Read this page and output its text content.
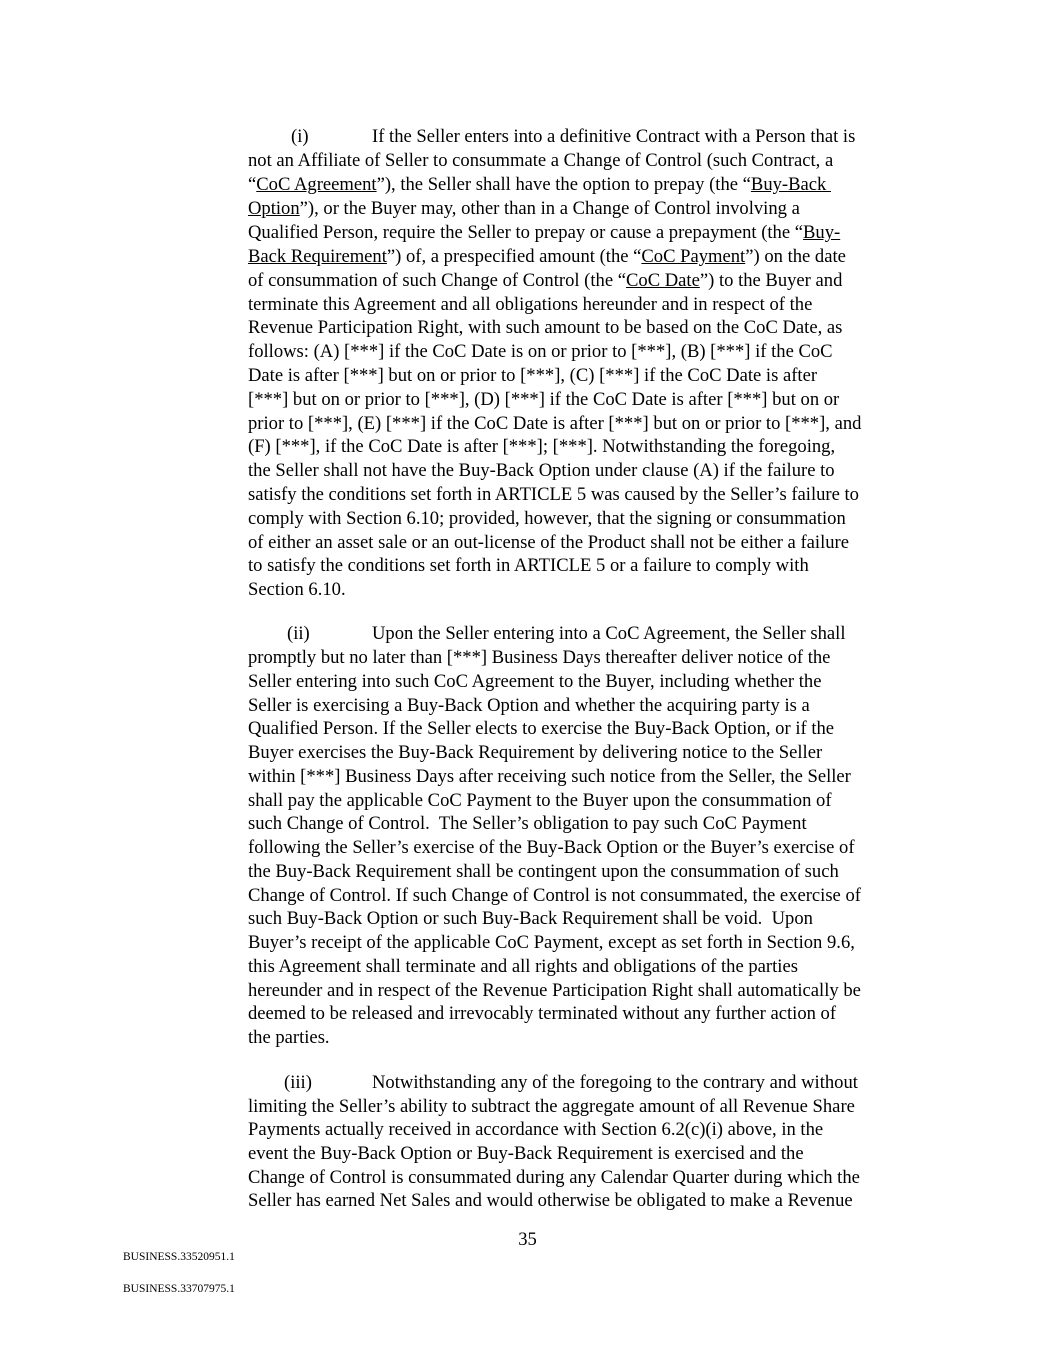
(i)	If the Seller enters into a definitive Contract with a Person that is

not an Affiliate of Seller to consummate a Change of Control (such Contract, a

“CoC Agreement”), the Seller shall have the option to prepay (the “Buy-Back

Option”), or the Buyer may, other than in a Change of Control involving a

Qualified Person, require the Seller to prepay or cause a prepayment (the “Buy-

Back Requirement”) of, a prespecified amount (the “CoC Payment”) on the date

of consummation of such Change of Control (the “CoC Date”) to the Buyer and

terminate this Agreement and all obligations hereunder and in respect of the

Revenue Participation Right, with such amount to be based on the CoC Date, as

follows: (A) [***] if the CoC Date is on or prior to [***], (B) [***] if the CoC

Date is after [***] but on or prior to [***], (C) [***] if the CoC Date is after

[***] but on or prior to [***], (D) [***] if the CoC Date is after [***] but on or

prior to [***], (E) [***] if the CoC Date is after [***] but on or prior to [***], and

(F) [***], if the CoC Date is after [***]; [***]. Notwithstanding the foregoing,

the Seller shall not have the Buy-Back Option under clause (A) if the failure to

satisfy the conditions set forth in ARTICLE 5 was caused by the Seller’s failure to

comply with Section 6.10; provided, however, that the signing or consummation

of either an asset sale or an out-license of the Product shall not be either a failure

to satisfy the conditions set forth in ARTICLE 5 or a failure to comply with

Section 6.10.

(ii)	Upon the Seller entering into a CoC Agreement, the Seller shall

promptly but no later than [***] Business Days thereafter deliver notice of the

Seller entering into such CoC Agreement to the Buyer, including whether the

Seller is exercising a Buy-Back Option and whether the acquiring party is a

Qualified Person. If the Seller elects to exercise the Buy-Back Option, or if the

Buyer exercises the Buy-Back Requirement by delivering notice to the Seller

within [***] Business Days after receiving such notice from the Seller, the Seller

shall pay the applicable CoC Payment to the Buyer upon the consummation of

such Change of Control.  The Seller’s obligation to pay such CoC Payment

following the Seller’s exercise of the Buy-Back Option or the Buyer’s exercise of

the Buy-Back Requirement shall be contingent upon the consummation of such

Change of Control. If such Change of Control is not consummated, the exercise of

such Buy-Back Option or such Buy-Back Requirement shall be void.  Upon

Buyer’s receipt of the applicable CoC Payment, except as set forth in Section 9.6,

this Agreement shall terminate and all rights and obligations of the parties

hereunder and in respect of the Revenue Participation Right shall automatically be

deemed to be released and irrevocably terminated without any further action of

the parties.

(iii)	Notwithstanding any of the foregoing to the contrary and without

limiting the Seller’s ability to subtract the aggregate amount of all Revenue Share

Payments actually received in accordance with Section 6.2(c)(i) above, in the

event the Buy-Back Option or Buy-Back Requirement is exercised and the

Change of Control is consummated during any Calendar Quarter during which the

Seller has earned Net Sales and would otherwise be obligated to make a Revenue

35
BUSINESS.33520951.1
BUSINESS.33707975.1
